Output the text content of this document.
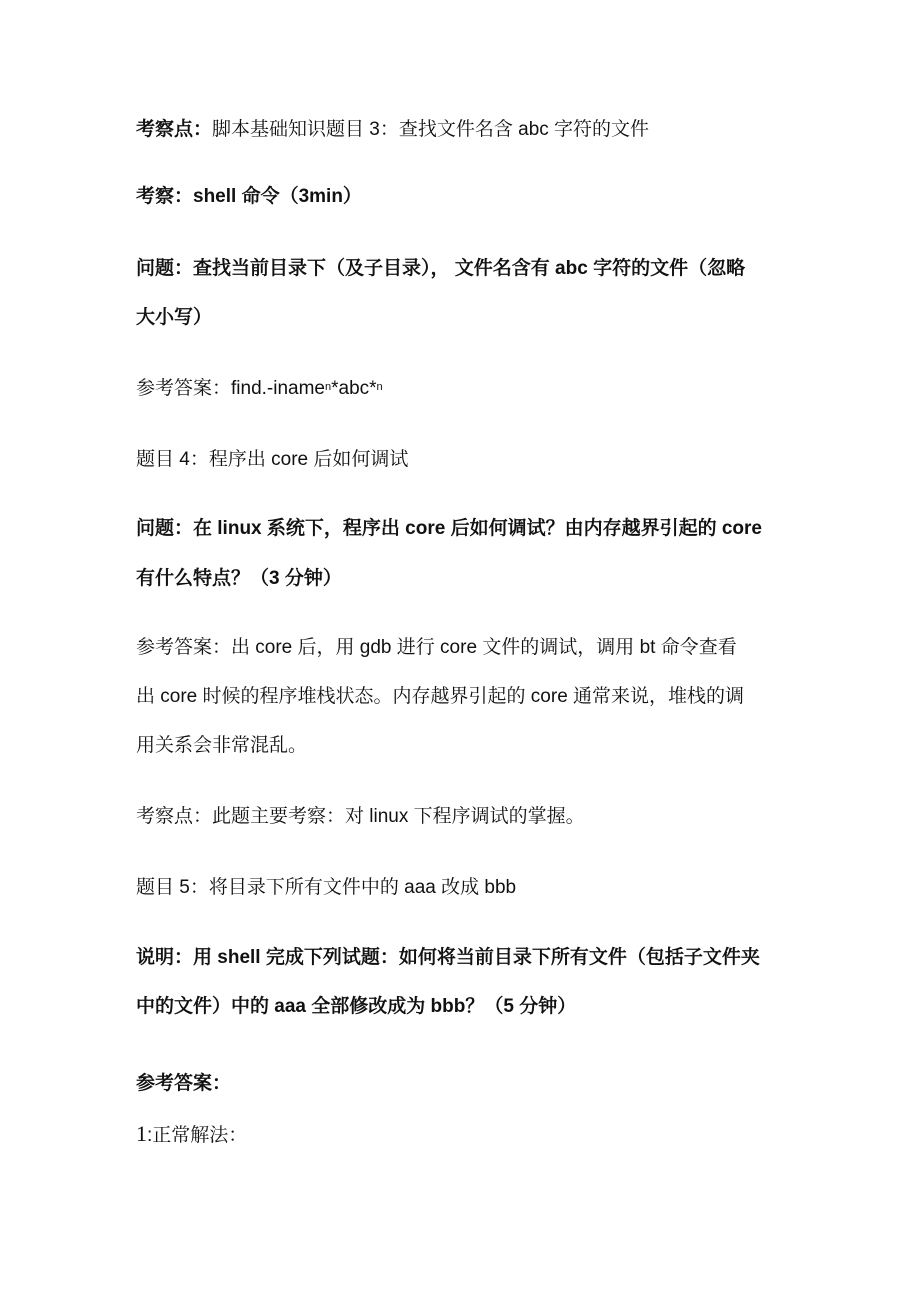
考察点：脚本基础知识题目 3：查找文件名含 abc 字符的文件
考察：shell 命令（3min）
问题：查找当前目录下（及子目录）， 文件名含有 abc 字符的文件（忽略
大小写）
参考答案：find.-iname$^n$*abc*$^n$
题目 4：程序出 core 后如何调试
问题：在 linux 系统下，程序出 core 后如何调试？由内存越界引起的 core
有什么特点？（3 分钟）
参考答案：出 core 后，用 gdb 进行 core 文件的调试，调用 bt 命令查看
出 core 时候的程序堆栈状态。内存越界引起的 core 通常来说，堆栈的调
用关系会非常混乱。
考察点：此题主要考察：对 linux 下程序调试的掌握。
题目 5：将目录下所有文件中的 aaa 改成 bbb
说明：用 shell 完成下列试题：如何将当前目录下所有文件（包括子文件夹
中的文件）中的 aaa 全部修改成为 bbb？（5 分钟）
参考答案：
1:正常解法：
